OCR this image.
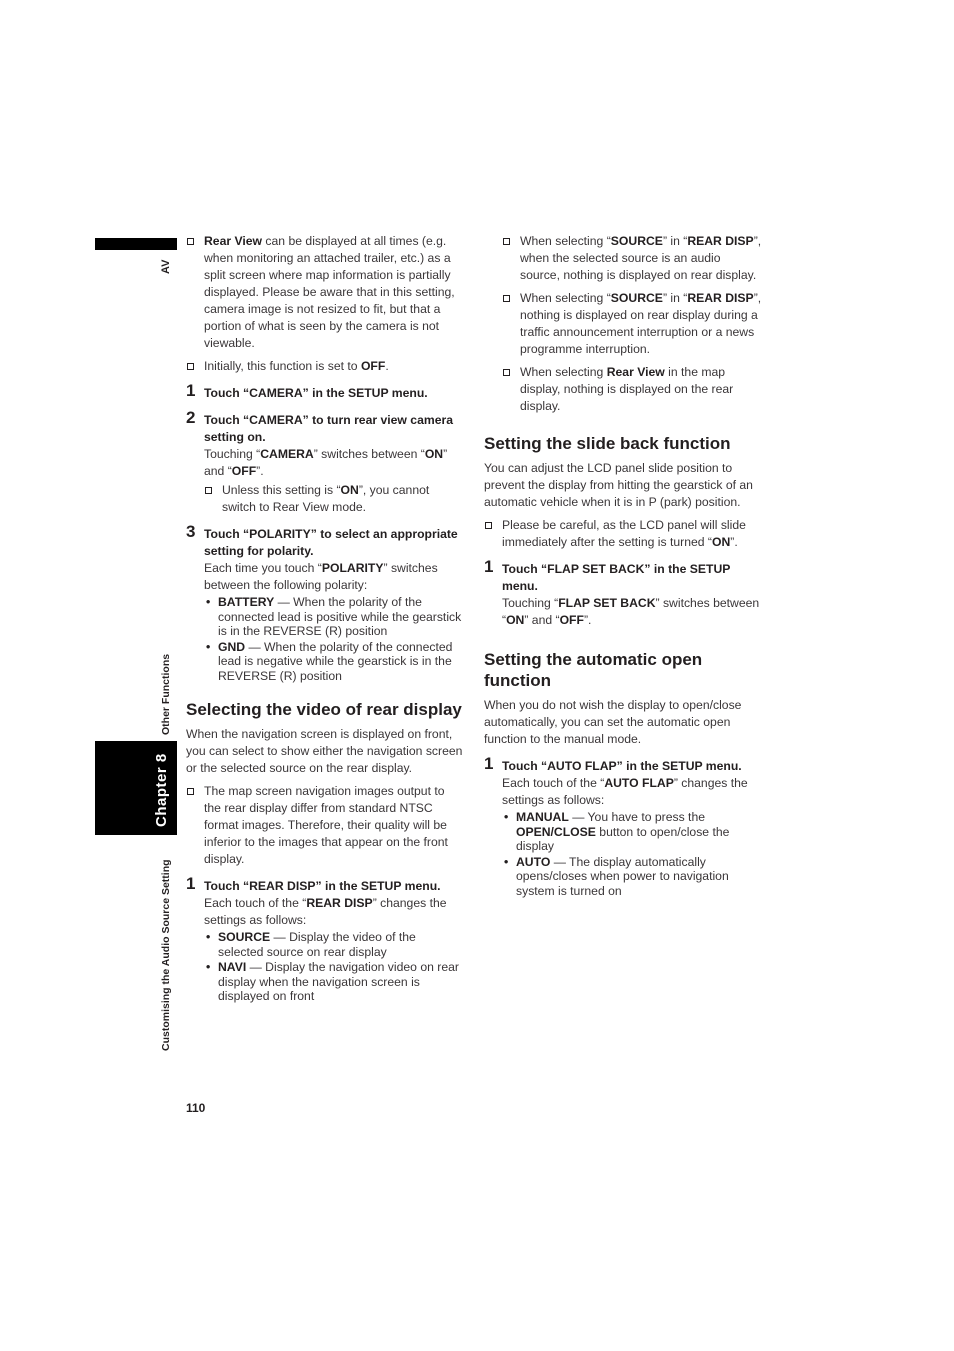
AV
Other Functions
Chapter 8
Customising the Audio Source Setting
Rear View can be displayed at all times (e.g. when monitoring an attached trailer, etc.) as a split screen where map information is partially displayed. Please be aware that in this setting, camera image is not resized to fit, but that a portion of what is seen by the camera is not viewable.
Initially, this function is set to OFF.
1 Touch “CAMERA” in the SETUP menu.
2 Touch “CAMERA” to turn rear view camera setting on.
Touching “CAMERA” switches between “ON” and “OFF”.
Unless this setting is “ON”, you cannot switch to Rear View mode.
3 Touch “POLARITY” to select an appropriate setting for polarity.
Each time you touch “POLARITY” switches between the following polarity:
• BATTERY — When the polarity of the connected lead is positive while the gearstick is in the REVERSE (R) position
• GND — When the polarity of the connected lead is negative while the gearstick is in the REVERSE (R) position
Selecting the video of rear display
When the navigation screen is displayed on front, you can select to show either the navigation screen or the selected source on the rear display.
The map screen navigation images output to the rear display differ from standard NTSC format images. Therefore, their quality will be inferior to the images that appear on the front display.
1 Touch “REAR DISP” in the SETUP menu.
Each touch of the “REAR DISP” changes the settings as follows:
• SOURCE — Display the video of the selected source on rear display
• NAVI — Display the navigation video on rear display when the navigation screen is displayed on front
When selecting “SOURCE” in “REAR DISP”, when the selected source is an audio source, nothing is displayed on rear display.
When selecting “SOURCE” in “REAR DISP”, nothing is displayed on rear display during a traffic announcement interruption or a news programme interruption.
When selecting Rear View in the map display, nothing is displayed on the rear display.
Setting the slide back function
You can adjust the LCD panel slide position to prevent the display from hitting the gearstick of an automatic vehicle when it is in P (park) position.
Please be careful, as the LCD panel will slide immediately after the setting is turned “ON”.
1 Touch “FLAP SET BACK” in the SETUP menu.
Touching “FLAP SET BACK” switches between “ON” and “OFF”.
Setting the automatic open function
When you do not wish the display to open/close automatically, you can set the automatic open function to the manual mode.
1 Touch “AUTO FLAP” in the SETUP menu.
Each touch of the “AUTO FLAP” changes the settings as follows:
• MANUAL — You have to press the OPEN/CLOSE button to open/close the display
• AUTO — The display automatically opens/closes when power to navigation system is turned on
110
